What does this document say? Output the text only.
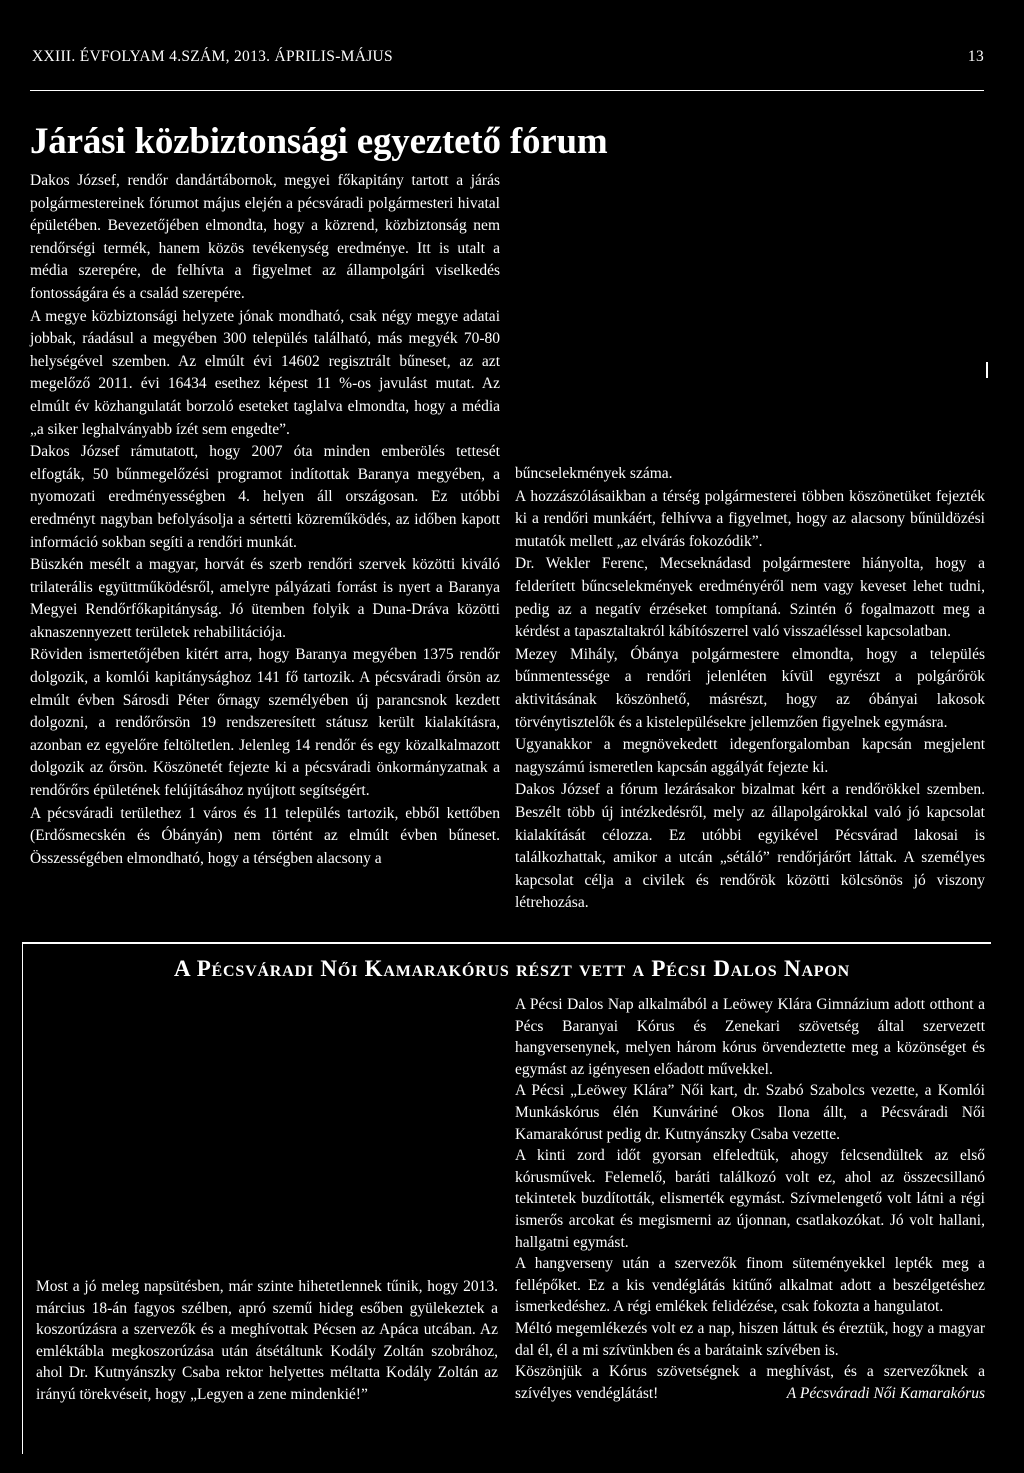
XXIII. ÉVFOLYAM 4.SZÁM, 2013. ÁPRILIS-MÁJUS	13
Járási közbiztonsági egyeztető fórum

Dakos József, rendőr dandártábornok, megyei főkapitány tartott a járás polgármestereinek fórumot május elején a pécsváradi polgármesteri hivatal épületében. Bevezetőjében elmondta, hogy a közrend, közbiztonság nem rendőrségi termék, hanem közös tevékenység eredménye. Itt is utalt a média szerepére, de felhívta a figyelmet az állampolgári viselkedés fontosságára és a család szerepére.

A megye közbiztonsági helyzete jónak mondható, csak négy megye adatai jobbak, ráadásul a megyében 300 település található, más megyék 70-80 helységével szemben. Az elmúlt évi 14602 regisztrált bűneset, az azt megelőző 2011. évi 16434 esethez képest 11 %-os javulást mutat. Az elmúlt év közhangulatát borzoló eseteket taglalva elmondta, hogy a média „a siker leghalványabb ízét sem engedte”.

Dakos József rámutatott, hogy 2007 óta minden emberölés tettesét elfogták, 50 bűnmegelőzési programot indítottak Baranya megyében, a nyomozati eredményességben 4. helyen áll országosan. Ez utóbbi eredményt nagyban befolyásolja a sértetti közreműködés, az időben kapott információ sokban segíti a rendőri munkát.

Büszkén mesélt a magyar, horvát és szerb rendőri szervek közötti kiváló trilaterális együttműködésről, amelyre pályázati forrást is nyert a Baranya Megyei Rendőrfőkapitányság. Jó ütemben folyik a Duna-Dráva közötti aknaszennyezett területek rehabilitációja.

Röviden ismertetőjében kitért arra, hogy Baranya megyében 1375 rendőr dolgozik, a komlói kapitánysághoz 141 fő tartozik. A pécsváradi őrsön az elmúlt évben Sárosdi Péter őrnagy személyében új parancsnok kezdett dolgozni, a rendőrőrsön 19 rendszeresített státusz került kialakításra, azonban ez egyelőre feltöltetlen. Jelenleg 14 rendőr és egy közalkalmazott dolgozik az őrsön. Köszönetét fejezte ki a pécsváradi önkormányzatnak a rendőrőrs épületének felújításához nyújtott segítségért.

A pécsváradi területhez 1 város és 11 település tartozik, ebből kettőben (Erdősmecskén és Óbányán) nem történt az elmúlt évben bűneset. Összességében elmondható, hogy a térségben alacsony a

bűncselekmények száma.

A hozzászólásaikban a térség polgármesterei többen köszönetüket fejezték ki a rendőri munkáért, felhívva a figyelmet, hogy az alacsony bűnüldözési mutatók mellett „az elvárás fokozódik”.

Dr. Wekler Ferenc, Mecseknádasd polgármestere hiányolta, hogy a felderített bűncselekmények eredményéről nem vagy keveset lehet tudni, pedig az a negatív érzéseket tompítaná. Szintén ő fogalmazott meg a kérdést a tapasztaltakról kábítószerrel való visszaéléssel kapcsolatban.

Mezey Mihály, Óbánya polgármestere elmondta, hogy a település bűnmentessége a rendőri jelenléten kívül egyrészt a polgárőrök aktivitásának köszönhető, másrészt, hogy az óbányai lakosok törvénytisztelők és a kistelepülésekre jellemzően figyelnek egymásra.

Ugyanakkor a megnövekedett idegenforgalomban kapcsán megjelent nagyszámú ismeretlen kapcsán aggályát fejezte ki.

Dakos József a fórum lezárásakor bizalmat kért a rendőrökkel szemben. Beszélt több új intézkedésről, mely az állapolgárokkal való jó kapcsolat kialakítását célozza. Ez utóbbi egyikével Pécsvárad lakosai is találkozhattak, amikor a utcán „sétáló” rendőrjárőrt láttak. A személyes kapcsolat célja a civilek és rendőrök közötti kölcsönös jó viszony létrehozása.

A Pécsváradi Női Kamarakórus részt vett a Pécsi Dalos Napon

A Pécsi Dalos Nap alkalmából a Leöwey Klára Gimnázium adott otthont a Pécs Baranyai Kórus és Zenekari szövetség által szervezett hangversenynek, melyen három kórus örvendeztette meg a közönséget és egymást az igényesen előadott művekkel.

A Pécsi „Leöwey Klára” Női kart, dr. Szabó Szabolcs vezette, a Komlói Munkáskórus élén Kunváriné Okos Ilona állt, a Pécsváradi Női Kamarakórust pedig dr. Kutnyánszky Csaba vezette.

A kinti zord időt gyorsan elfeledtük, ahogy felcsendültek az első kórusművek. Felemelő, baráti találkozó volt ez, ahol az összecsillanó tekintetek buzdították, elismerték egymást. Szívmelengető volt látni a régi ismerős arcokat és megismerni az újonnan, csatlakozókat. Jó volt hallani, hallgatni egymást.

A hangverseny után a szervezők finom süteményekkel lepték meg a fellépőket. Ez a kis vendéglátás kitűnő alkalmat adott a beszélgetéshez ismerkedéshez. A régi emlékek felidézése, csak fokozta a hangulatot.

Méltó megemlékezés volt ez a nap, hiszen láttuk és éreztük, hogy a magyar dal él, él a mi szívünkben és a barátaink szívében is.

Köszönjük a Kórus szövetségnek a meghívást, és a szervezőknek a szívélyes vendéglátást!	A Pécsváradi Női Kamarakórus

Most a jó meleg napsütésben, már szinte hihetetlennek tűnik, hogy 2013. március 18-án fagyos szélben, apró szemű hideg esőben gyülekeztek a koszorúzásra a szervezők és a meghívottak Pécsen az Apáca utcában. Az emléktábla megkoszorúzása után átsétáltunk Kodály Zoltán szobrához, ahol Dr. Kutnyánszky Csaba rektor helyettes méltatta Kodály Zoltán az irányú törekvéseit, hogy „Legyen a zene mindenkié!”
